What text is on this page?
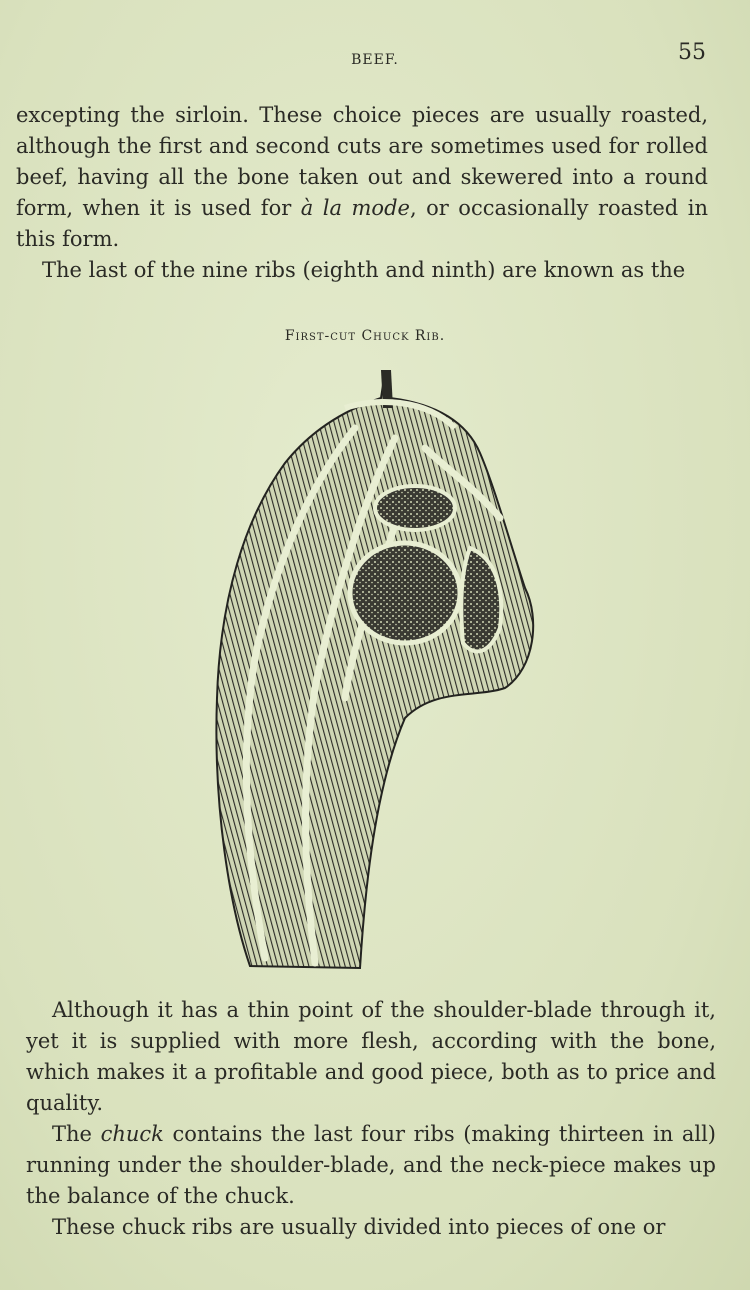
BEEF.	55

excepting the sirloin. These choice pieces are usually roasted, although the first and second cuts are sometimes used for rolled beef, having all the bone taken out and skewered into a round form, when it is used for à la mode, or occasionally roasted in this form.

The last of the nine ribs (eighth and ninth) are known as the

First-cut Chuck Rib.

Although it has a thin point of the shoulder-blade through it, yet it is supplied with more flesh, according with the bone, which makes it a profitable and good piece, both as to price and quality.

The chuck contains the last four ribs (making thirteen in all) running under the shoulder-blade, and the neck-piece makes up the balance of the chuck.

These chuck ribs are usually divided into pieces of one or
